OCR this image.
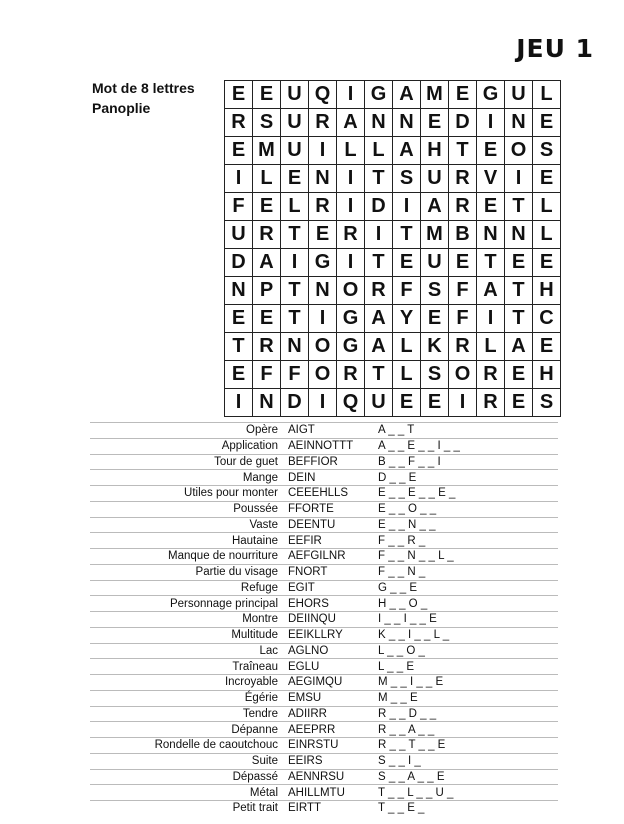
JEU 1
Mot de 8 lettres
Panoplie
E	E	U	Q	I	G	A	M	E	G	U	L
R	S	U	R	A	N	N	E	D	I	N	E
E	M	U	I	L	L	A	H	T	E	O	S
I	L	E	N	I	T	S	U	R	V	I	E
F	E	L	R	I	D	I	A	R	E	T	L
U	R	T	E	R	I	T	M	B	N	N	L
D	A	I	G	I	T	E	U	E	T	E	E
N	P	T	N	O	R	F	S	F	A	T	H
E	E	T	I	G	A	Y	E	F	I	T	C
T	R	N	O	G	A	L	K	R	L	A	E
E	F	F	O	R	T	L	S	O	R	E	H
I	N	D	I	Q	U	E	E	I	R	E	S
Opère AIGT	A _ _ T
Application AEINNOTTT	A _ _ E _ _ I _ _
Tour de guet BEFFIOR	B _ _ F _ _ I
Mange DEIN	D _ _ E
Utiles pour monter CEEEHLLS	E _ _ E _ _ E _
Poussée FFORTE	E _ _ O _ _
Vaste DEENTU	E _ _ N _ _
Hautaine EEFIR	F _ _ R _
Manque de nourriture AEFGILNR	F _ _ N _ _ L _
Partie du visage FNORT	F _ _ N _
Refuge EGIT	G _ _ E
Personnage principal EHORS	H _ _ O _
Montre DEIINQU	I _ _ I _ _ E
Multitude EEIKLLRY	K _ _ I _ _ L _
Lac AGLNO	L _ _ O _
Traîneau EGLU	L _ _ E
Incroyable AEGIMQU	M _ _ I _ _ E
Égérie EMSU	M _ _ E
Tendre ADIIRR	R _ _ D _ _
Dépanne AEEPRR	R _ _ A _ _
Rondelle de caoutchouc EINRSTU	R _ _ T _ _ E
Suite EEIRS	S _ _ I _
Dépassé AENNRSU	S _ _ A _ _ E
Métal AHILLMTU	T _ _ L _ _ U _
Petit trait EIRTT	T _ _ E _
